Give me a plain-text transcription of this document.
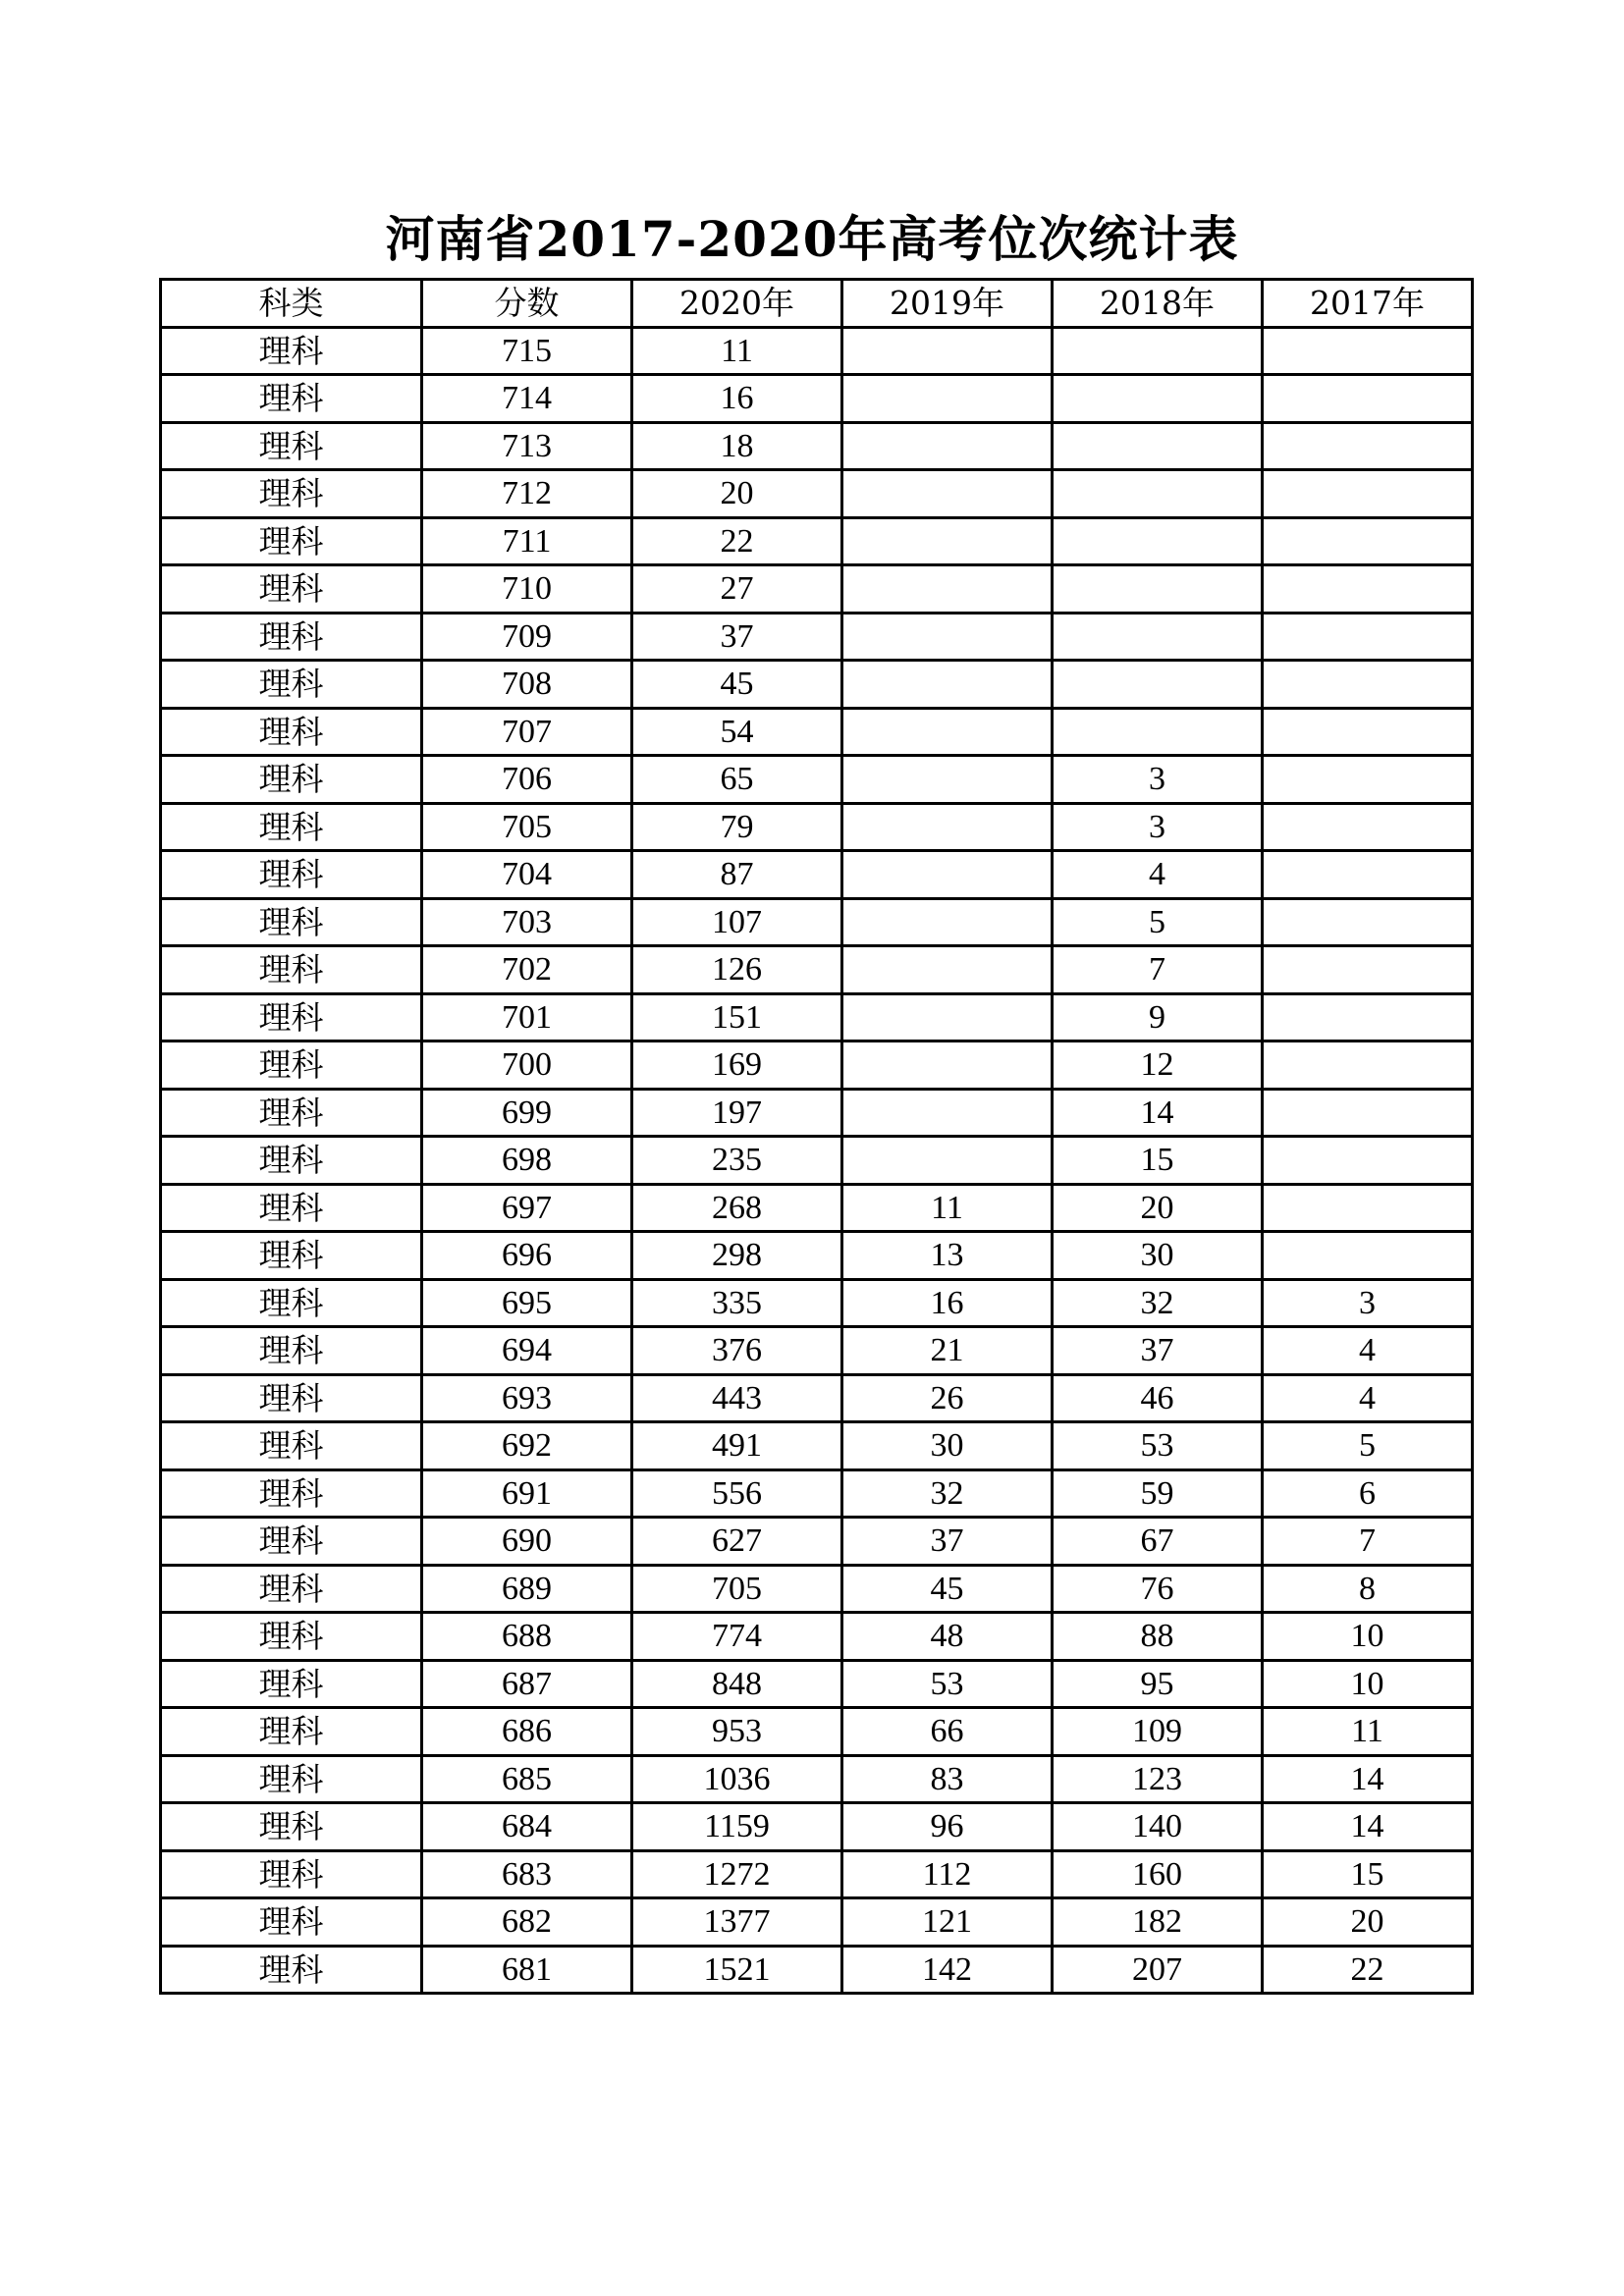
河南省2017-2020年高考位次统计表
科类	分数	2020年	2019年	2018年	2017年
理科	715	11			
理科	714	16			
理科	713	18			
理科	712	20			
理科	711	22			
理科	710	27			
理科	709	37			
理科	708	45			
理科	707	54			
理科	706	65		3	
理科	705	79		3	
理科	704	87		4	
理科	703	107		5	
理科	702	126		7	
理科	701	151		9	
理科	700	169		12	
理科	699	197		14	
理科	698	235		15	
理科	697	268	11	20	
理科	696	298	13	30	
理科	695	335	16	32	3
理科	694	376	21	37	4
理科	693	443	26	46	4
理科	692	491	30	53	5
理科	691	556	32	59	6
理科	690	627	37	67	7
理科	689	705	45	76	8
理科	688	774	48	88	10
理科	687	848	53	95	10
理科	686	953	66	109	11
理科	685	1036	83	123	14
理科	684	1159	96	140	14
理科	683	1272	112	160	15
理科	682	1377	121	182	20
理科	681	1521	142	207	22
